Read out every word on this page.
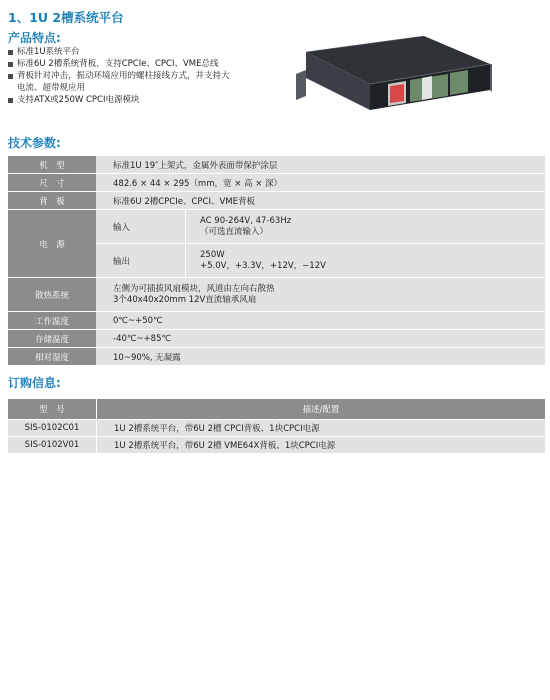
1、1U 2槽系统平台
产品特点:
标准1U系统平台
标准6U 2槽系统背板，支持CPCIe、CPCI、VME总线
背板针对冲击，振动环境应用的螺柱接线方式，并支持大
电流、超带规应用
支持ATX或250W CPCI电源模块
技术参数:
机　型	标准1U 19″上架式，金属外表面带保护涂层	
尺　寸	482.6 × 44 × 295（mm，宽 × 高 × 深）	
背　板	标准6U 2槽CPCIe、CPCI、VME背板	
电　源	输入	AC 90-264V, 47-63Hz
（可选直流输入）

	输出	250W
+5.0V，+3.3V，+12V，−12V

散热系统	左侧为可插拔风扇模块，风道由左向右散热
3个40x40x20mm 12V直流轴承风扇	

工作温度	0℃~+50℃	
存储温度	-40℃~+85℃	
相对湿度	10~90%, 无凝露	
订购信息:
型　号	描述/配置
SIS-0102C01	1U 2槽系统平台，带6U 2槽 CPCI背板、1块CPCI电源
SIS-0102V01	1U 2槽系统平台，带6U 2槽 VME64X背板、1块CPCI电源
